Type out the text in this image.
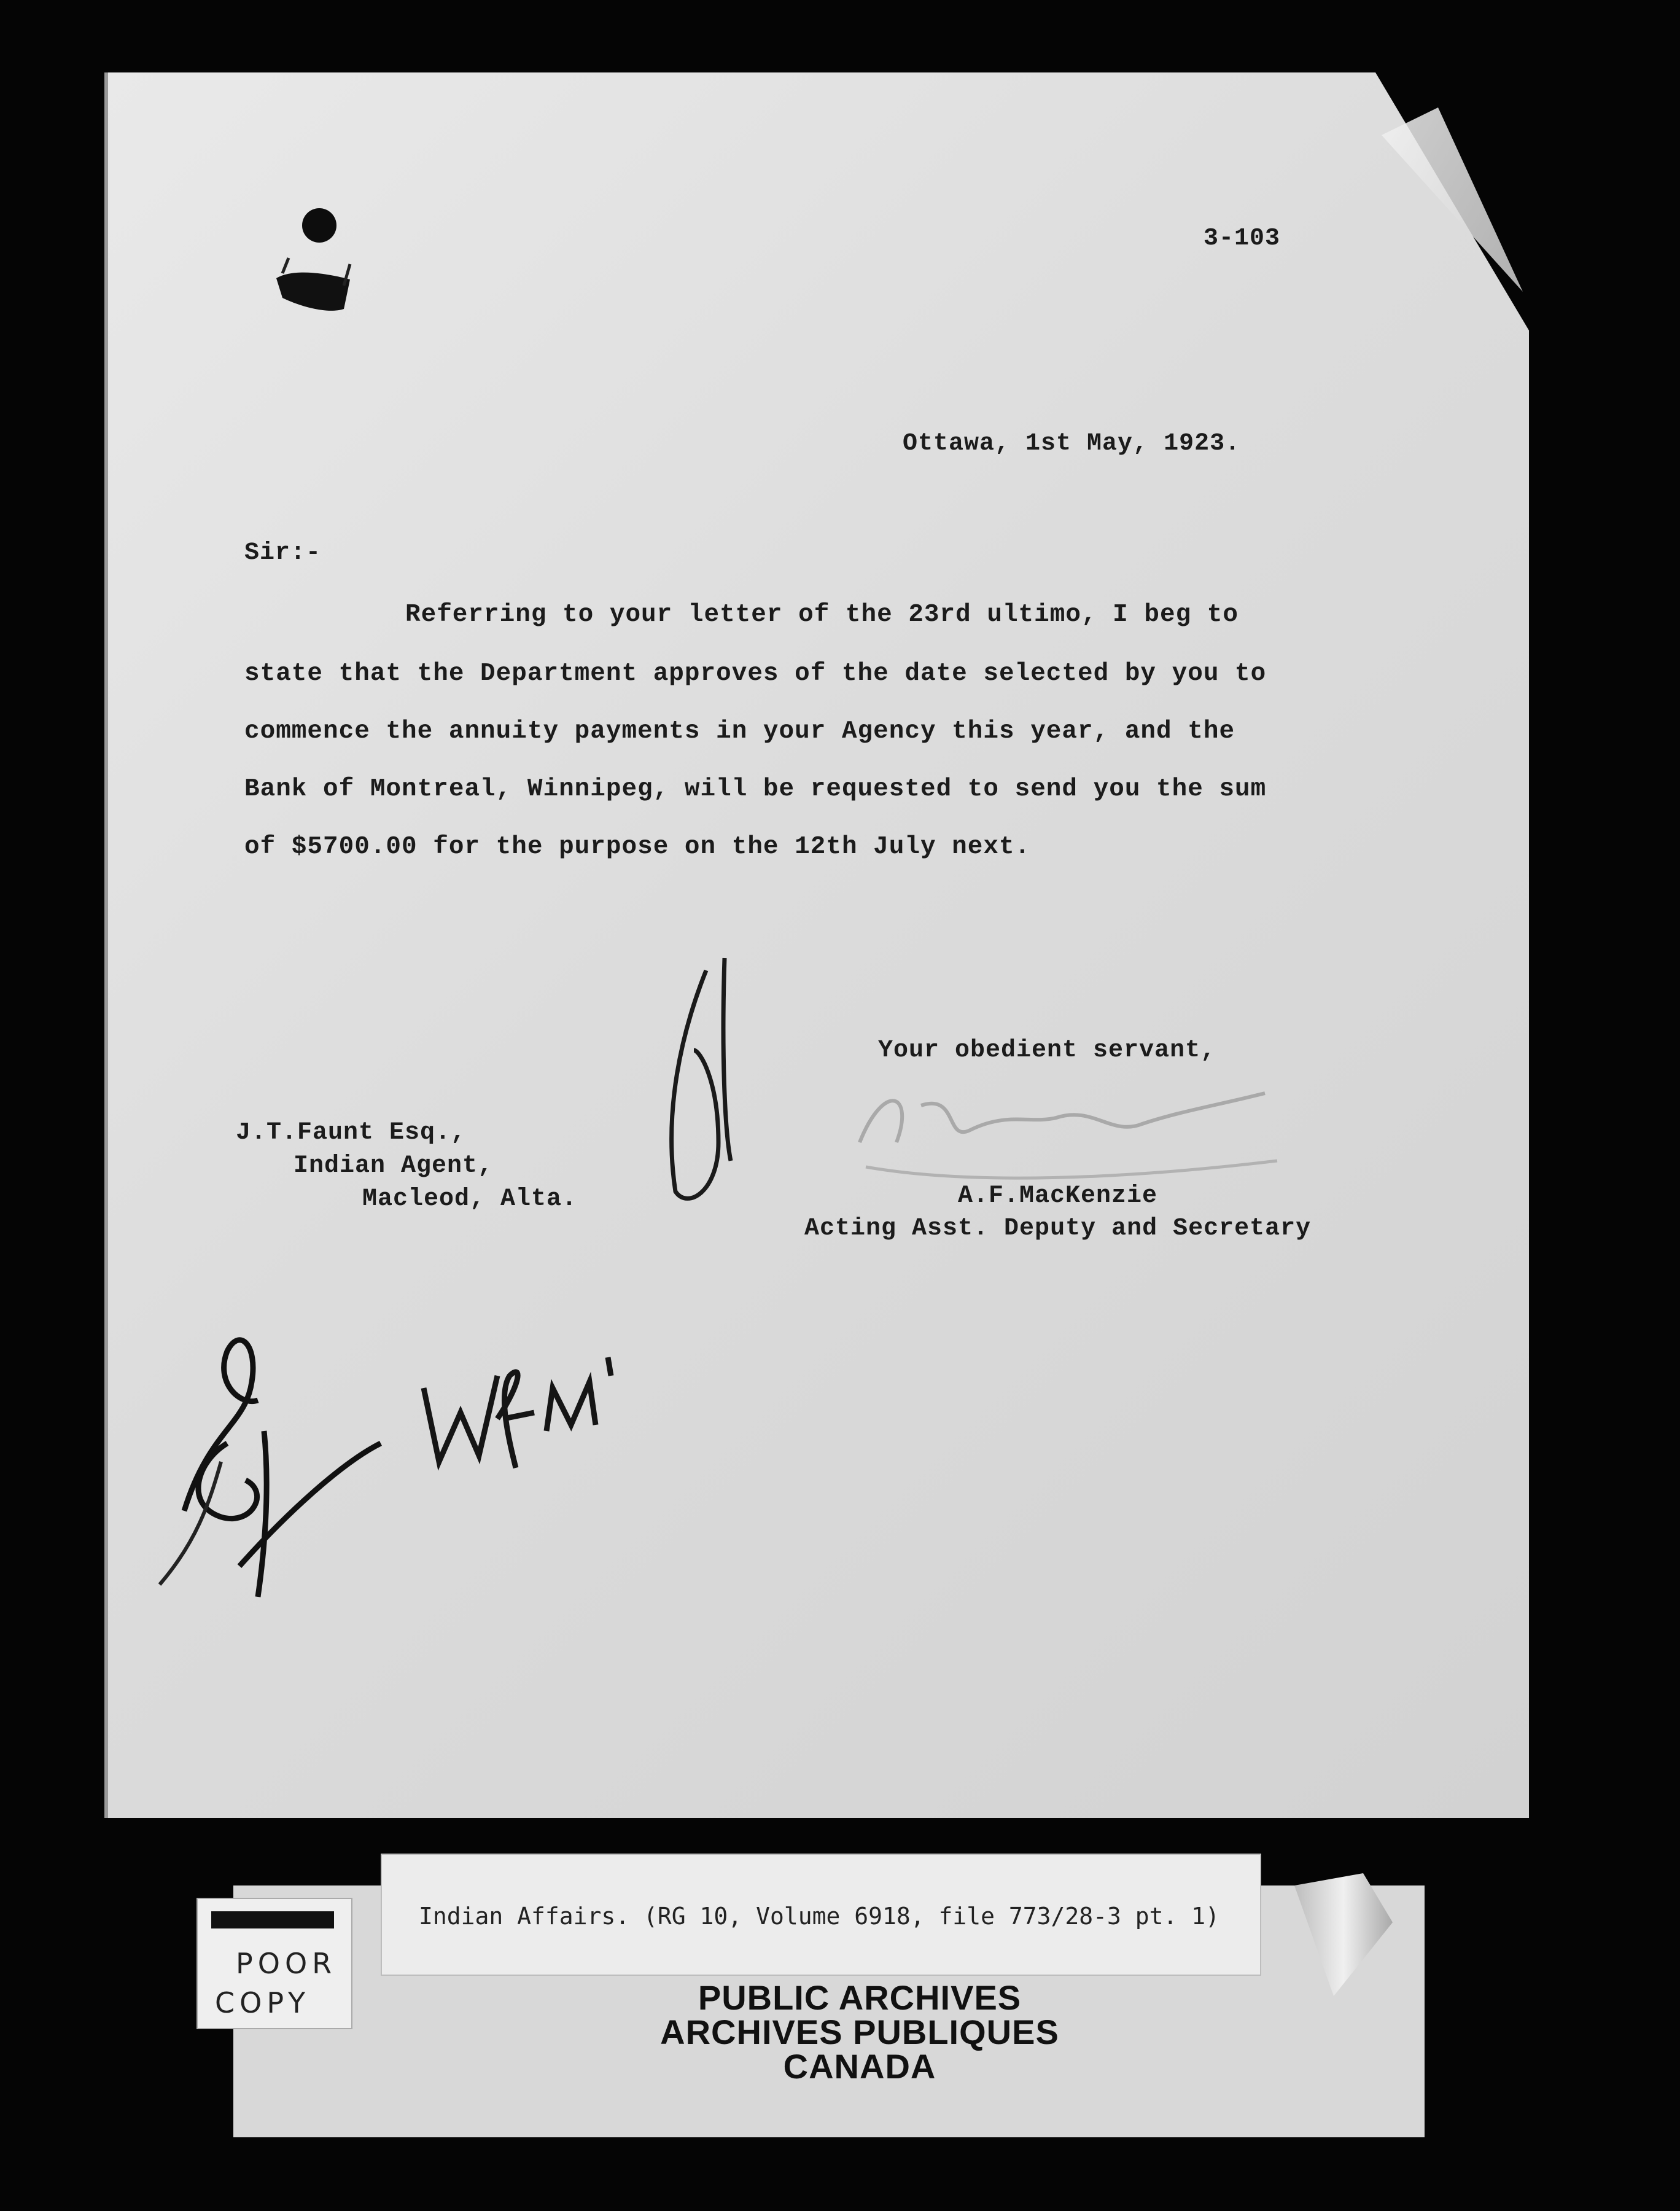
3-103
Ottawa, 1st May, 1923.
Sir:-
Referring to your letter of the 23rd ultimo, I beg to
state that the Department approves of the date selected by you to
commence the annuity payments in your Agency this year, and the
Bank of Montreal, Winnipeg, will be requested to send you the sum
of $5700.00 for the purpose on the 12th July next.
Your obedient servant,
J.T.Faunt Esq.,
Indian Agent,
Macleod, Alta.	A.F.MacKenzie
Acting Asst. Deputy and Secretary
Indian Affairs. (RG 10, Volume 6918, file 773/28-3 pt. 1)
PUBLIC ARCHIVES
ARCHIVES PUBLIQUES
CANADA
POOR
COPY
